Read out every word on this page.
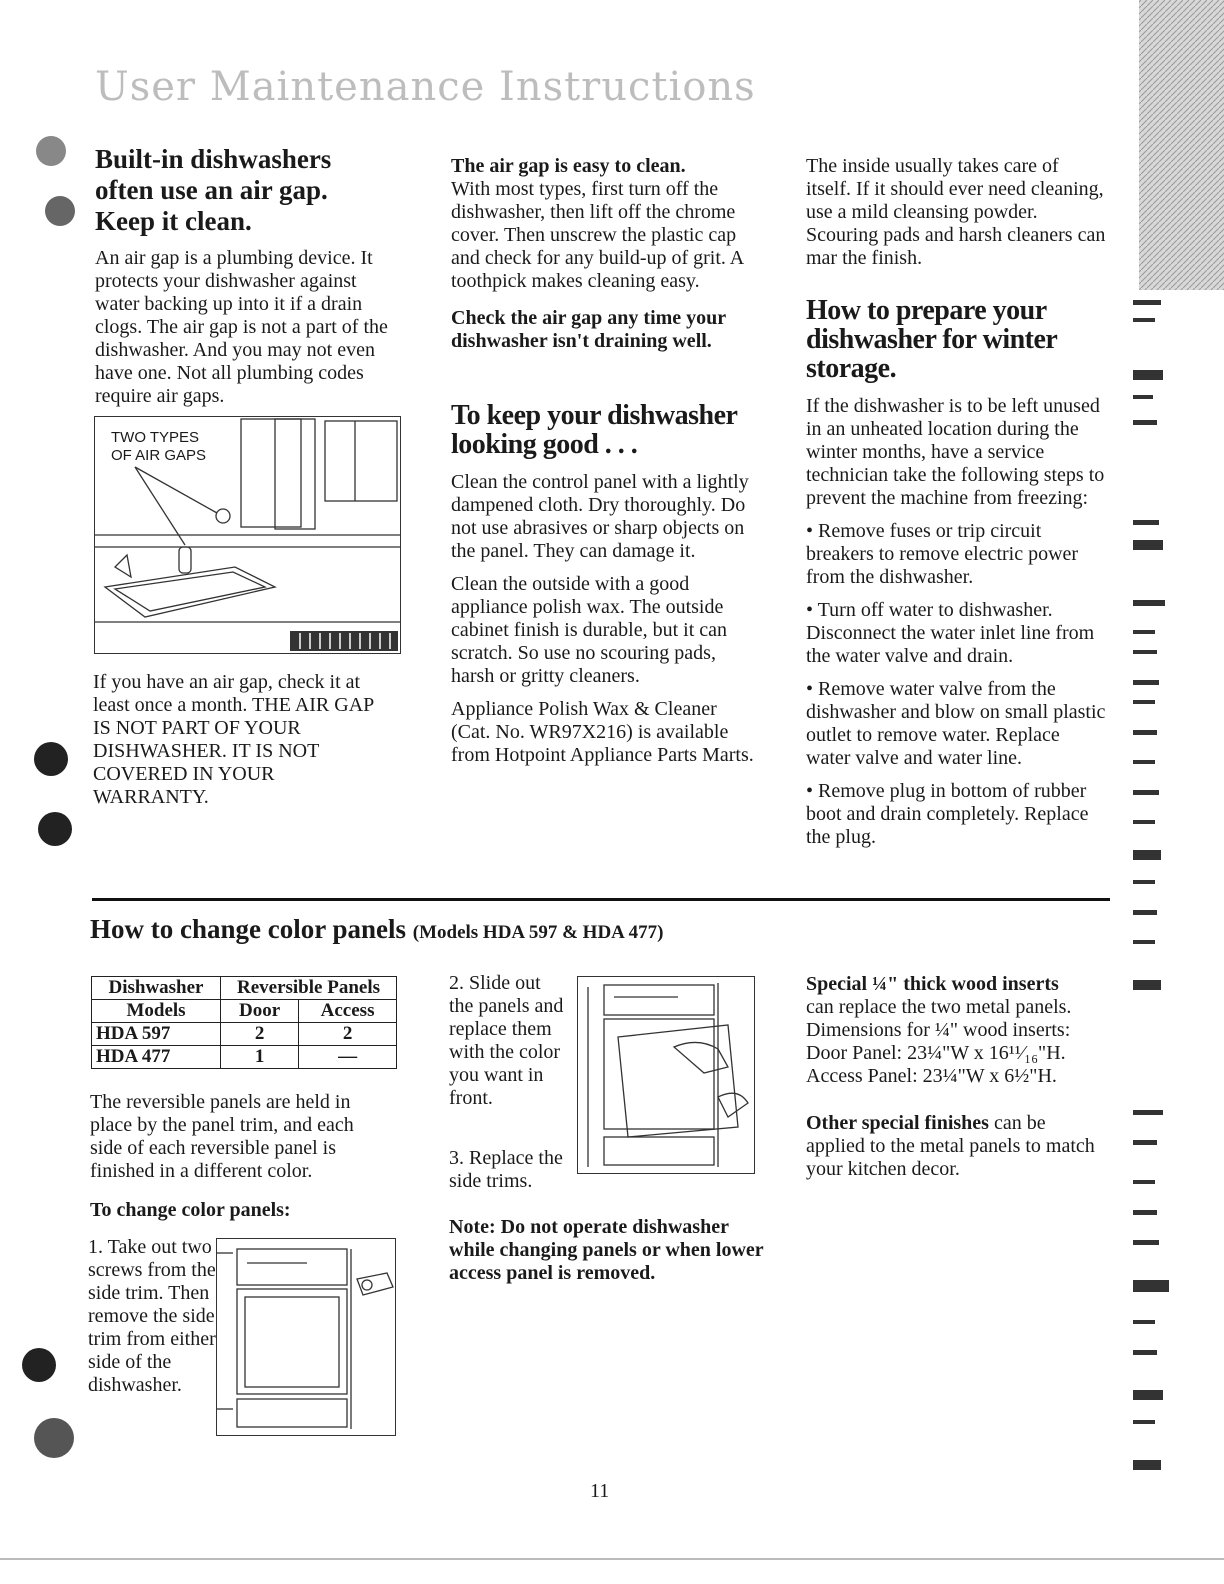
User Maintenance Instructions
Built-in dishwashers
often use an air gap.
Keep it clean.

An air gap is a plumbing device. It protects your dishwasher against water backing up into it if a drain clogs. The air gap is not a part of the dishwasher. And you may not even have one. Not all plumbing codes require air gaps.

TWO TYPES
OF AIR GAPS
If you have an air gap, check it at least once a month. THE AIR GAP IS NOT PART OF YOUR DISHWASHER. IT IS NOT COVERED IN YOUR WARRANTY.
The air gap is easy to clean.

With most types, first turn off the dishwasher, then lift off the chrome cover. Then unscrew the plastic cap and check for any build-up of grit. A toothpick makes cleaning easy.

Check the air gap any time your dishwasher isn't draining well.

To keep your dishwasher
looking good . . .

Clean the control panel with a lightly dampened cloth. Dry thoroughly. Do not use abrasives or sharp objects on the panel. They can damage it.

Clean the outside with a good appliance polish wax. The outside cabinet finish is durable, but it can scratch. So use no scouring pads, harsh or gritty cleaners.

Appliance Polish Wax & Cleaner (Cat. No. WR97X216) is available from Hotpoint Appliance Parts Marts.

The inside usually takes care of itself. If it should ever need cleaning, use a mild cleansing powder. Scouring pads and harsh cleaners can mar the finish.

How to prepare your
dishwasher for winter
storage.

If the dishwasher is to be left unused in an unheated location during the winter months, have a service technician take the following steps to prevent the machine from freezing:

• Remove fuses or trip circuit breakers to remove electric power from the dishwasher.

• Turn off water to dishwasher. Disconnect the water inlet line from the water valve and drain.

• Remove water valve from the dishwasher and blow on small plastic outlet to remove water. Replace water valve and water line.

• Remove plug in bottom of rubber boot and drain completely. Replace the plug.

How to change color panels (Models HDA 597 & HDA 477)
Dishwasher	Reversible Panels	
Models	Door	Access
HDA 597	2	2
HDA 477	1	—

The reversible panels are held in place by the panel trim, and each side of each reversible panel is finished in a different color.

To change color panels:

1. Take out two screws from the side trim. Then remove the side trim from either side of the dishwasher.
2. Slide out the panels and replace them with the color you want in front.
3. Replace the side trims.
Note: Do not operate dishwasher while changing panels or when lower access panel is removed.
Special ¼" thick wood inserts
can replace the two metal panels.
Dimensions for ¼" wood inserts:
Door Panel: 23¼"W x 16¹¹⁄₁₆"H.
Access Panel: 23¼"W x 6½"H.
Other special finishes can be applied to the metal panels to match your kitchen decor.
11
